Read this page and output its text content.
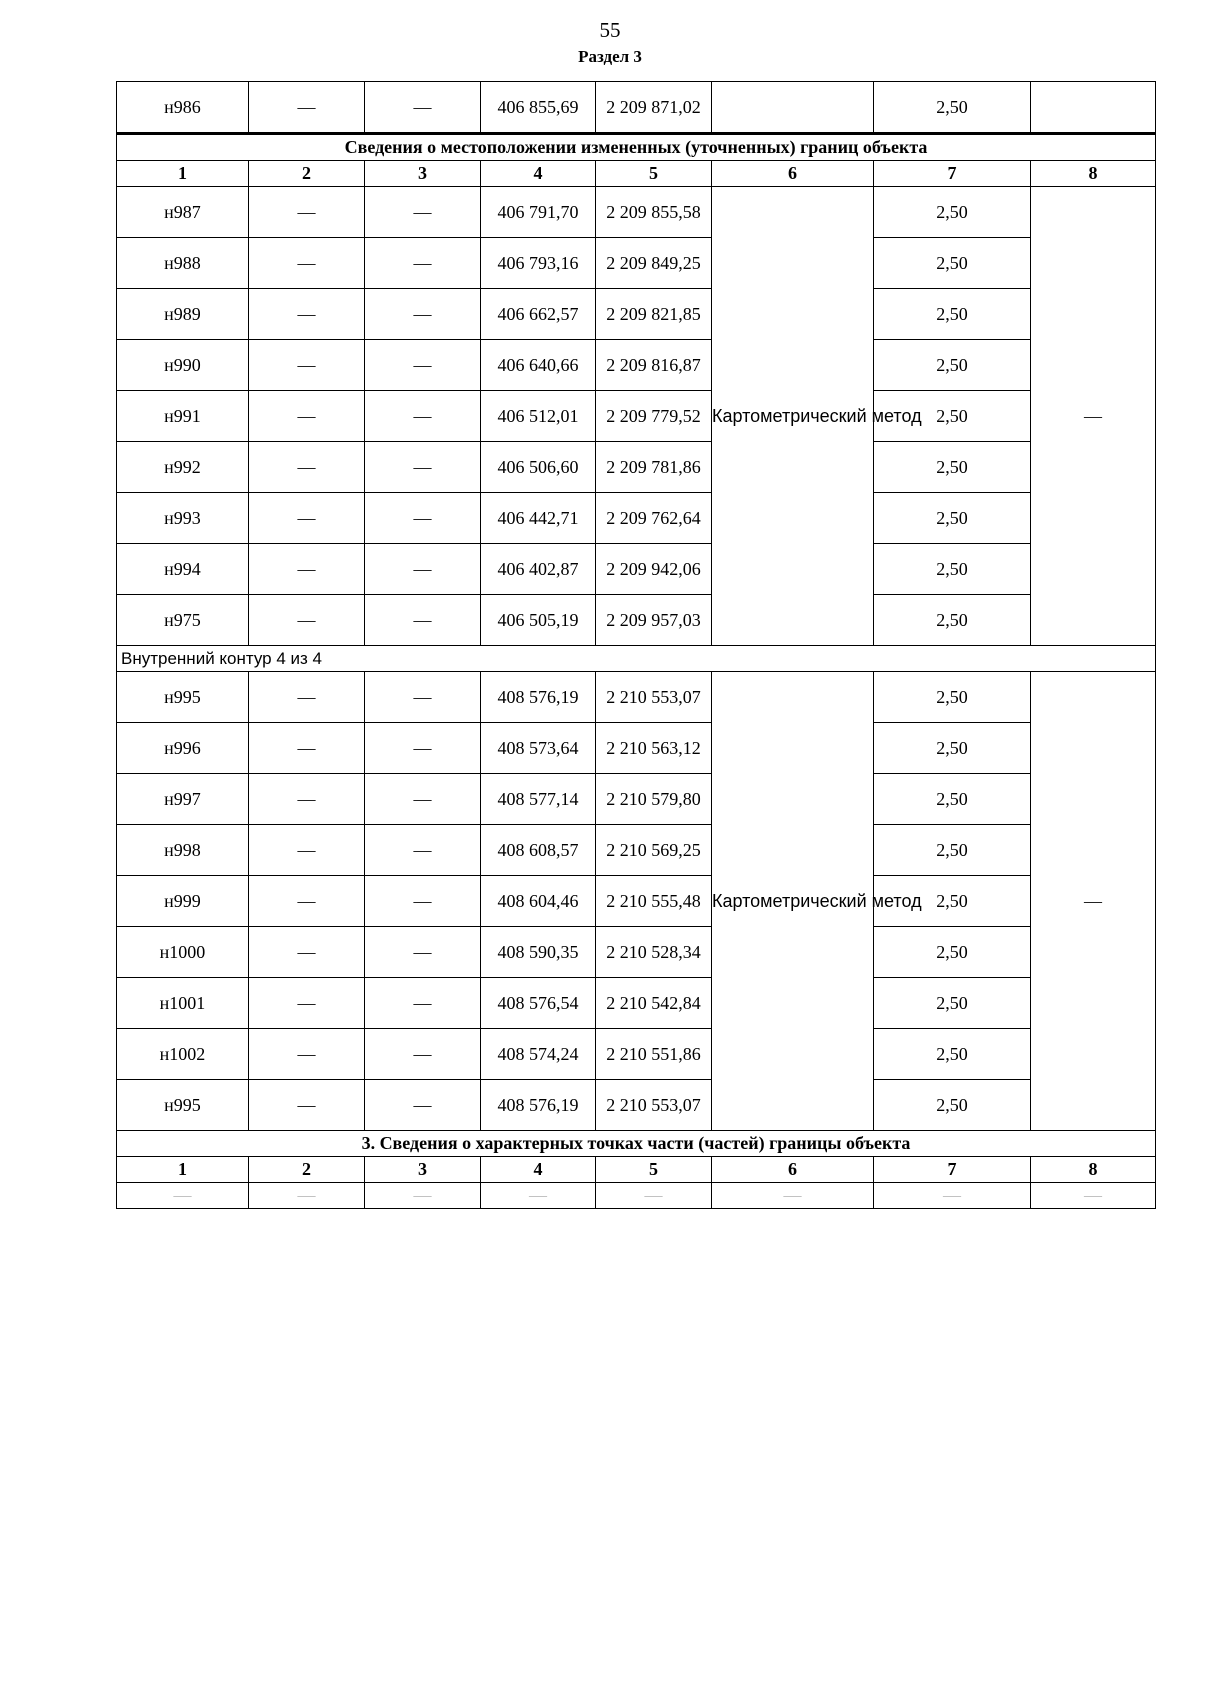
55
Раздел 3
н986	—	—	406 855,69	2 209 871,02		2,50	
Сведения о местоположении измененных (уточненных) границ объекта							
1	2	3	4	5	6	7	8
н987	—	—	406 791,70	2 209 855,58	Картометрический метод	2,50	—
н988	—	—	406 793,16	2 209 849,25		2,50	
н989	—	—	406 662,57	2 209 821,85		2,50	
н990	—	—	406 640,66	2 209 816,87		2,50	
н991	—	—	406 512,01	2 209 779,52		2,50	
н992	—	—	406 506,60	2 209 781,86		2,50	
н993	—	—	406 442,71	2 209 762,64		2,50	
н994	—	—	406 402,87	2 209 942,06		2,50	
н975	—	—	406 505,19	2 209 957,03		2,50	
Внутренний контур 4 из 4							
н995	—	—	408 576,19	2 210 553,07	Картометрический метод	2,50	—
н996	—	—	408 573,64	2 210 563,12		2,50	
н997	—	—	408 577,14	2 210 579,80		2,50	
н998	—	—	408 608,57	2 210 569,25		2,50	
н999	—	—	408 604,46	2 210 555,48		2,50	
н1000	—	—	408 590,35	2 210 528,34		2,50	
н1001	—	—	408 576,54	2 210 542,84		2,50	
н1002	—	—	408 574,24	2 210 551,86		2,50	
н995	—	—	408 576,19	2 210 553,07		2,50	
3. Сведения о характерных точках части (частей) границы объекта							
1	2	3	4	5	6	7	8
—	—	—	—	—	—	—	—
